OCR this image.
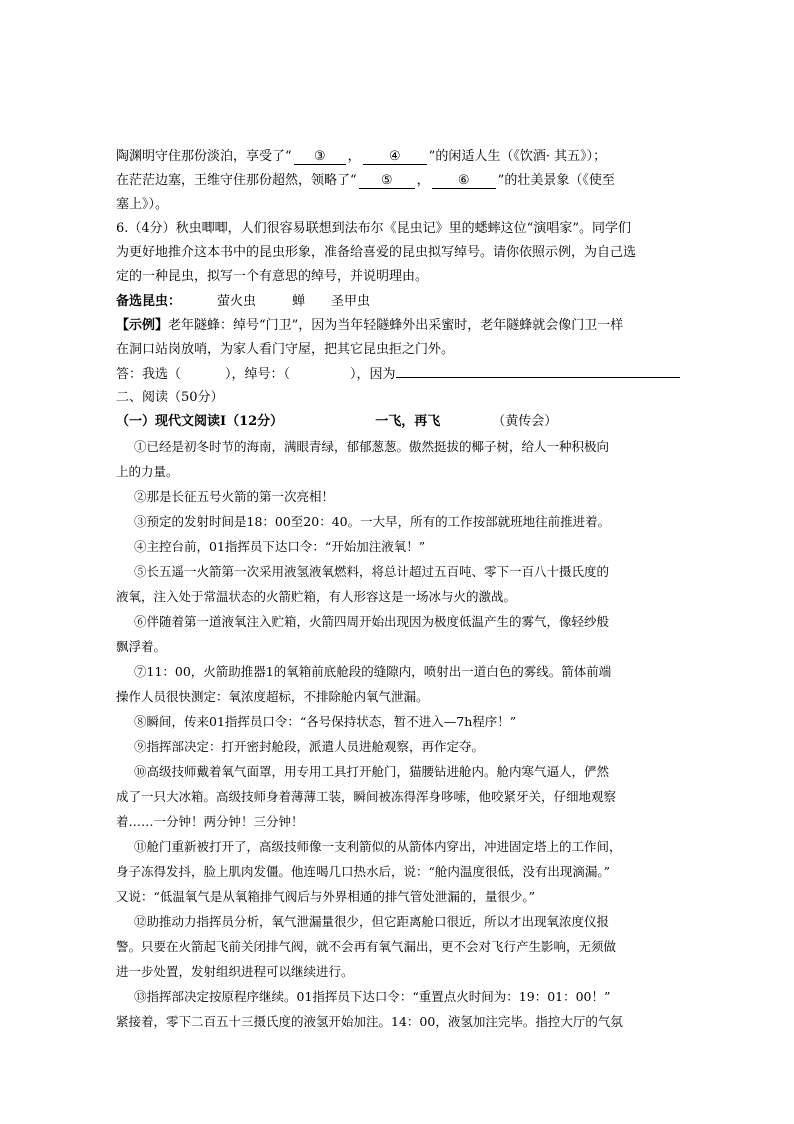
陶渊明守住那份淡泊，享受了“ ③ ， ④ ”的闲适人生（《饮酒· 其五》）；
在茫茫边塞，王维守住那份超然，领略了“ ⑤ ， ⑥ ”的壮美景象（《使至
塞上》）。
6.（4分）秋虫唧唧，人们很容易联想到法布尔《昆虫记》里的蟋蟀这位“演唱家”。同学们
为更好地推介这本书中的昆虫形象，准备给喜爱的昆虫拟写绰号。请你依照示例，为自己选
定的一种昆虫，拟写一个有意思的绰号，并说明理由。
备选昆虫：	萤火虫	蝉 圣甲虫
【示例】老年隧蜂：绰号“门卫”，因为当年轻隧蜂外出采蜜时，老年隧蜂就会像门卫一样
在洞口站岗放哨，为家人看门守屋，把其它昆虫拒之门外。
答：我选（	），绰号：（	），因为
二、阅读（50分）
（一）现代文阅读Ⅰ（12分）	一飞，再飞	（黄传会）
①已经是初冬时节的海南，满眼青绿，郁郁葱葱。傲然挺拔的椰子树，给人一种积极向
上的力量。
②那是长征五号火箭的第一次亮相！
③预定的发射时间是18：00至20：40。一大早，所有的工作按部就班地往前推进着。
④主控台前，01指挥员下达口令：“开始加注液氧！”
⑤长五遥一火箭第一次采用液氢液氧燃料，将总计超过五百吨、零下一百八十摄氏度的
液氧，注入处于常温状态的火箭贮箱，有人形容这是一场冰与火的激战。
⑥伴随着第一道液氧注入贮箱，火箭四周开始出现因为极度低温产生的雾气，像轻纱般
飘浮着。
⑦11：00，火箭助推器1的氧箱前底舱段的缝隙内，喷射出一道白色的雾线。箭体前端
操作人员很快测定：氧浓度超标，不排除舱内氧气泄漏。
⑧瞬间，传来01指挥员口令：“各号保持状态，暂不进入—7h程序！”
⑨指挥部决定：打开密封舱段，派遣人员进舱观察，再作定夺。
⑩高级技师戴着氧气面罩，用专用工具打开舱门，猫腰钻进舱内。舱内寒气逼人，俨然
成了一只大冰箱。高级技师身着薄薄工装，瞬间被冻得浑身哆嗦，他咬紧牙关，仔细地观察
着……一分钟！两分钟！三分钟！
⑪舱门重新被打开了，高级技师像一支利箭似的从箭体内穿出，冲进固定塔上的工作间，
身子冻得发抖，脸上肌肉发僵。他连喝几口热水后，说：“舱内温度很低，没有出现滴漏。”
又说：“低温氧气是从氧箱排气阀后与外界相通的排气管处泄漏的，量很少。”
⑫助推动力指挥员分析，氧气泄漏量很少，但它距离舱口很近，所以才出现氧浓度仪报
警。只要在火箭起飞前关闭排气阀，就不会再有氧气漏出，更不会对飞行产生影响，无须做
进一步处置，发射组织进程可以继续进行。
⑬指挥部决定按原程序继续。01指挥员下达口令：“重置点火时间为：19：01：00！”
紧接着，零下二百五十三摄氏度的液氢开始加注。14：00，液氢加注完毕。指控大厅的气氛
